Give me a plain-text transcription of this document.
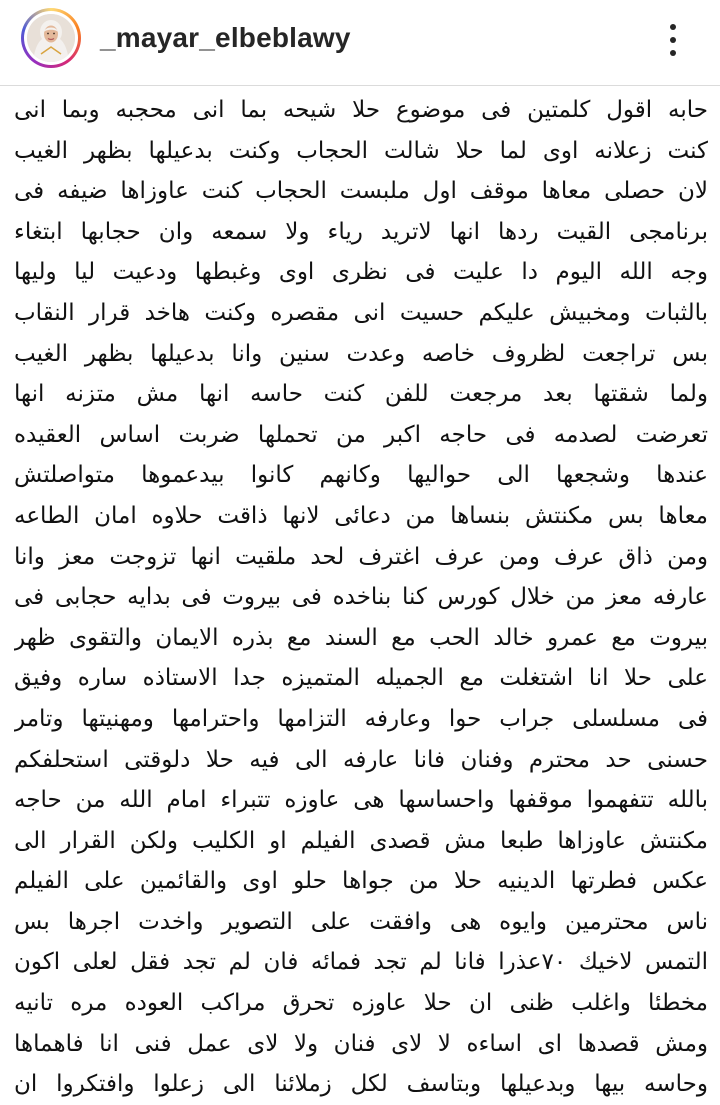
_mayar_elbeblawy
حابه اقول كلمتين فى موضوع حلا شيحه بما انى محجبه وبما انى
كنت زعلانه اوى لما حلا شالت الحجاب وكنت بدعيلها بظهر الغيب
لان حصلى معاها موقف اول ملبست الحجاب كنت عاوزاها ضيفه فى
برنامجى القيت ردها انها لاتريد رياء ولا سمعه وان حجابها ابتغاء
وجه الله اليوم دا عليت فى نظرى اوى وغبطها ودعيت ليا وليها
بالثبات ومخبيش عليكم حسيت انى مقصره وكنت هاخد قرار النقاب
بس تراجعت لظروف خاصه وعدت سنين وانا بدعيلها بظهر الغيب
ولما شقتها بعد مرجعت للفن كنت حاسه انها مش متزنه انها
تعرضت لصدمه فى حاجه اكبر من تحملها ضربت اساس العقيده
عندها وشجعها الى حواليها وكانهم كانوا بيدعموها متواصلتش
معاها بس مكنتش بنساها من دعائى لانها ذاقت حلاوه امان الطاعه
ومن ذاق عرف ومن عرف اغترف لحد ملقيت انها تزوجت معز وانا
عارفه معز من خلال كورس كنا بناخده فى بيروت فى بدايه حجابى فى
بيروت مع عمرو خالد الحب مع السند مع بذره الايمان والتقوى ظهر
على حلا انا اشتغلت مع الجميله المتميزه جدا الاستاذه ساره وفيق
فى مسلسلى جراب حوا وعارفه التزامها واحترامها ومهنيتها وتامر
حسنى حد محترم وفنان فانا عارفه الى فيه حلا دلوقتى استحلفكم
بالله تتفهموا موقفها واحساسها هى عاوزه تتبراء امام الله من حاجه
مكنتش عاوزاها طبعا مش قصدى الفيلم او الكليب ولكن القرار الى
عكس فطرتها الدينيه حلا من جواها حلو اوى والقائمين على الفيلم
ناس محترمين وايوه هى وافقت على التصوير واخدت اجرها بس
التمس لاخيك ٧٠عذرا فانا لم تجد فمائه فان لم تجد فقل لعلى اكون
مخطئا واغلب ظنى ان حلا عاوزه تحرق مراكب العوده مره تانيه
ومش قصدها اى اساءه لا لاى فنان ولا لاى عمل فنى انا فاهماها
وحاسه بيها وبدعيلها وبتاسف لكل زملائنا الى زعلوا وافتكروا ان
